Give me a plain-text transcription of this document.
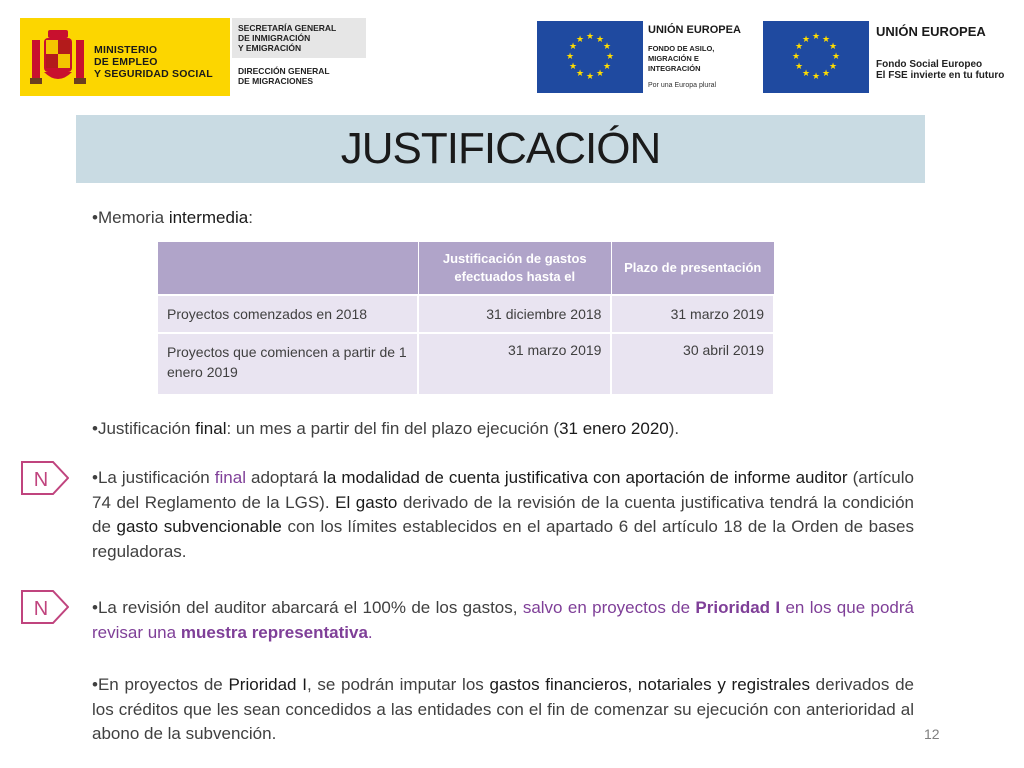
MINISTERIO
DE EMPLEO
Y SEGURIDAD SOCIAL
SECRETARÍA GENERAL
DE INMIGRACIÓN
Y EMIGRACIÓN
DIRECCIÓN GENERAL
DE MIGRACIONES
★ ★
★
★
★
★
★
★
★
★
★
★
UNIÓN EUROPEA
FONDO DE ASILO,
MIGRACIÓN E INTEGRACIÓN
Por una Europa plural
★ ★
★
★
★
★
★
★
★
★
★
★
UNIÓN EUROPEA
Fondo Social Europeo
El FSE invierte en tu futuro
JUSTIFICACIÓN
•Memoria intermedia:
	Justificación de gastos efectuados hasta el	Plazo de presentación
Proyectos comenzados en 2018	31 diciembre 2018	31 marzo 2019
Proyectos que comiencen a partir de 1 enero 2019	31 marzo 2019	30 abril 2019
•Justificación final: un mes a partir del fin del plazo ejecución (31 enero 2020).
N
N
•La justificación final adoptará la modalidad de cuenta justificativa con aportación de informe auditor (artículo 74 del Reglamento de la LGS). El gasto derivado de la revisión de la cuenta justificativa tendrá la condición de gasto subvencionable con los límites establecidos en el apartado 6 del artículo 18 de la Orden de bases reguladoras.
•La revisión del auditor abarcará el 100% de los gastos, salvo en proyectos de Prioridad I en los que podrá revisar una muestra representativa.
•En proyectos de Prioridad I, se podrán imputar los gastos financieros, notariales y registrales derivados de los créditos que les sean concedidos a las entidades con el fin de comenzar su ejecución con anterioridad al abono de la subvención.	12
